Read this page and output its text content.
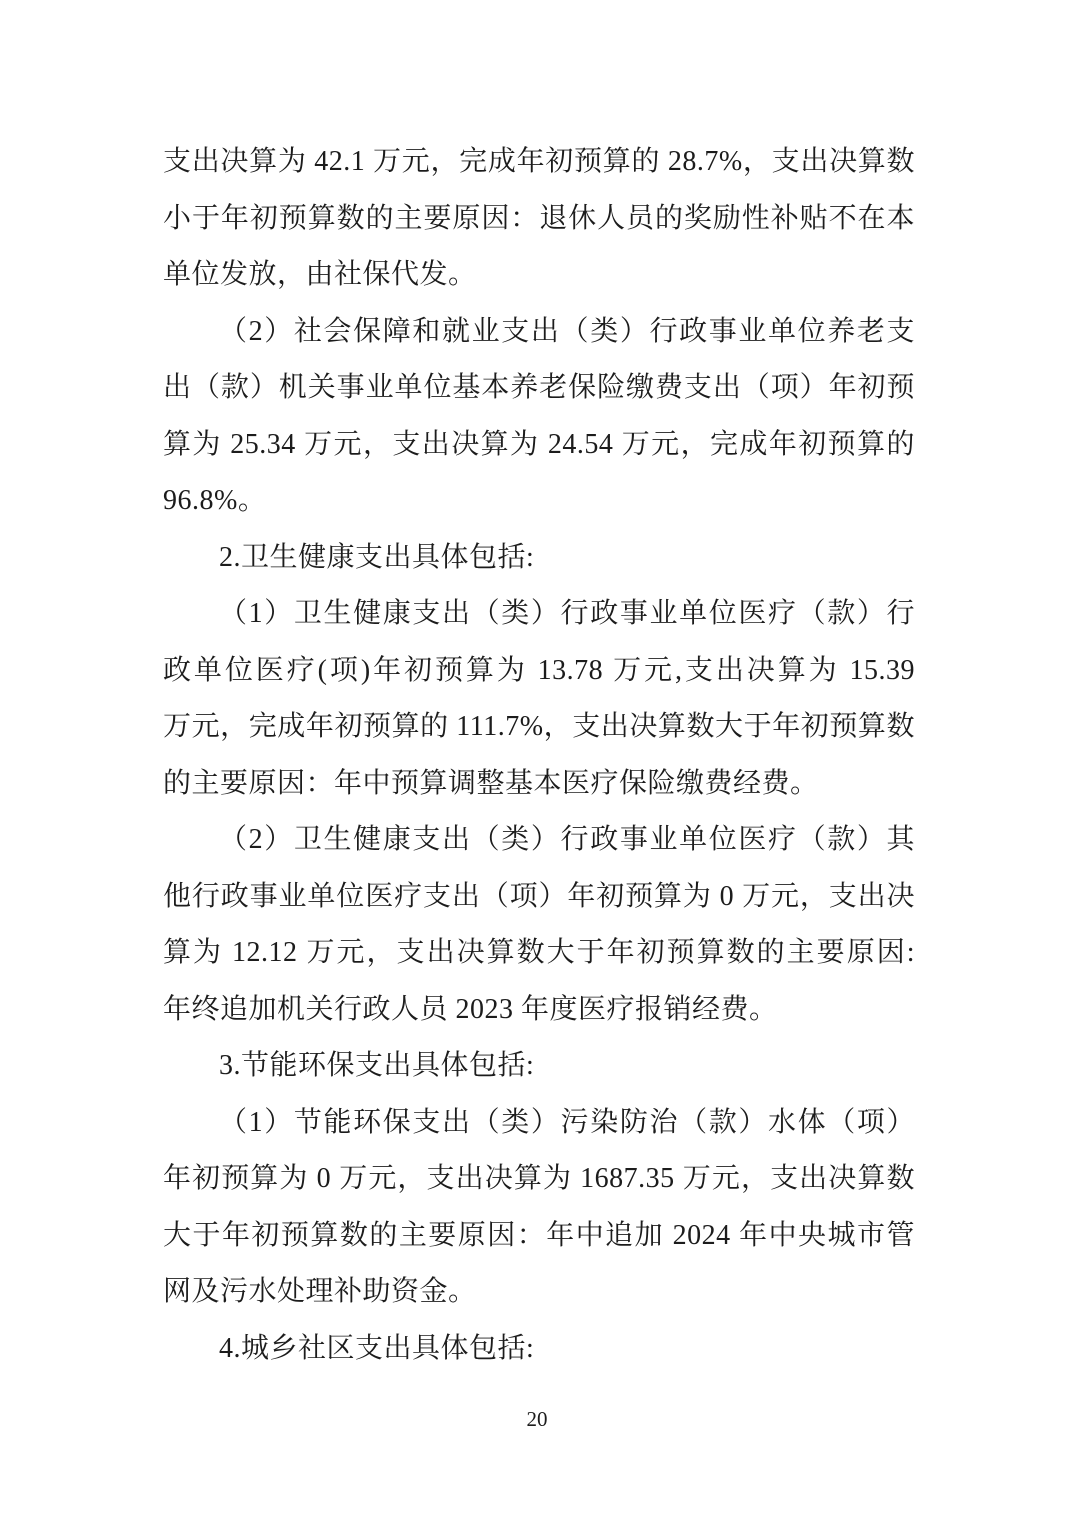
支出决算为 42.1 万元，完成年初预算的 28.7%，支出决算数
小于年初预算数的主要原因：退休人员的奖励性补贴不在本
单位发放，由社保代发。

（2）社会保障和就业支出（类）行政事业单位养老支
出（款）机关事业单位基本养老保险缴费支出（项）年初预
算为 25.34 万元，支出决算为 24.54 万元，完成年初预算的
96.8%。

2.卫生健康支出具体包括:

（1）卫生健康支出（类）行政事业单位医疗（款）行
政单位医疗(项)年初预算为 13.78 万元,支出决算为 15.39
万元，完成年初预算的 111.7%，支出决算数大于年初预算数
的主要原因：年中预算调整基本医疗保险缴费经费。

（2）卫生健康支出（类）行政事业单位医疗（款）其
他行政事业单位医疗支出（项）年初预算为 0 万元，支出决
算为 12.12 万元，支出决算数大于年初预算数的主要原因:
年终追加机关行政人员 2023 年度医疗报销经费。

3.节能环保支出具体包括:

（1）节能环保支出（类）污染防治（款）水体（项）
年初预算为 0 万元，支出决算为 1687.35 万元，支出决算数
大于年初预算数的主要原因：年中追加 2024 年中央城市管
网及污水处理补助资金。

4.城乡社区支出具体包括:

20
